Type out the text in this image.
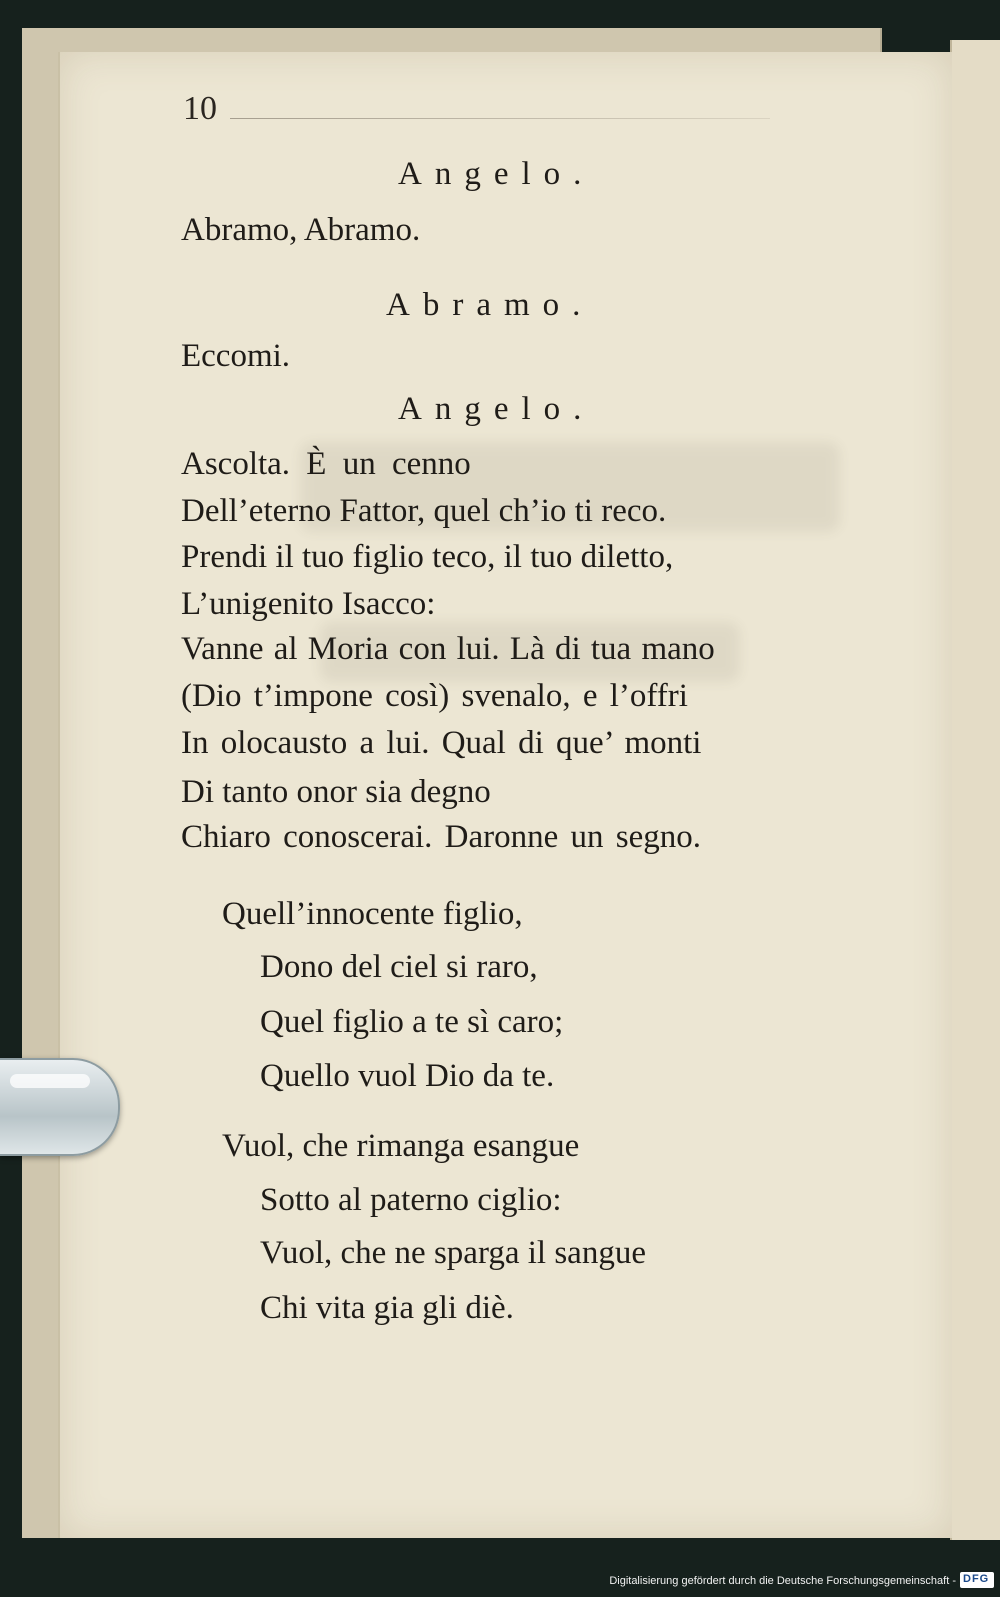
10
Angelo.
Abramo, Abramo.
Abramo.
Eccomi.
Angelo.
Ascolta. È un cenno
Dell’eterno Fattor, quel ch’io ti reco.
Prendi il tuo figlio teco, il tuo diletto,
L’unigenito Isacco:
Vanne al Moria con lui. Là di tua mano
(Dio t’impone così) svenalo, e l’offri
In olocausto a lui. Qual di que’ monti
Di tanto onor sia degno
Chiaro conoscerai. Daronne un segno.
Quell’innocente figlio,
Dono del ciel si raro,
Quel figlio a te sì caro;
Quello vuol Dio da te.
Vuol, che rimanga esangue
Sotto al paterno ciglio:
Vuol, che ne sparga il sangue
Chi vita gia gli diè.
Digitalisierung gefördert durch die Deutsche Forschungsgemeinschaft - DFG
